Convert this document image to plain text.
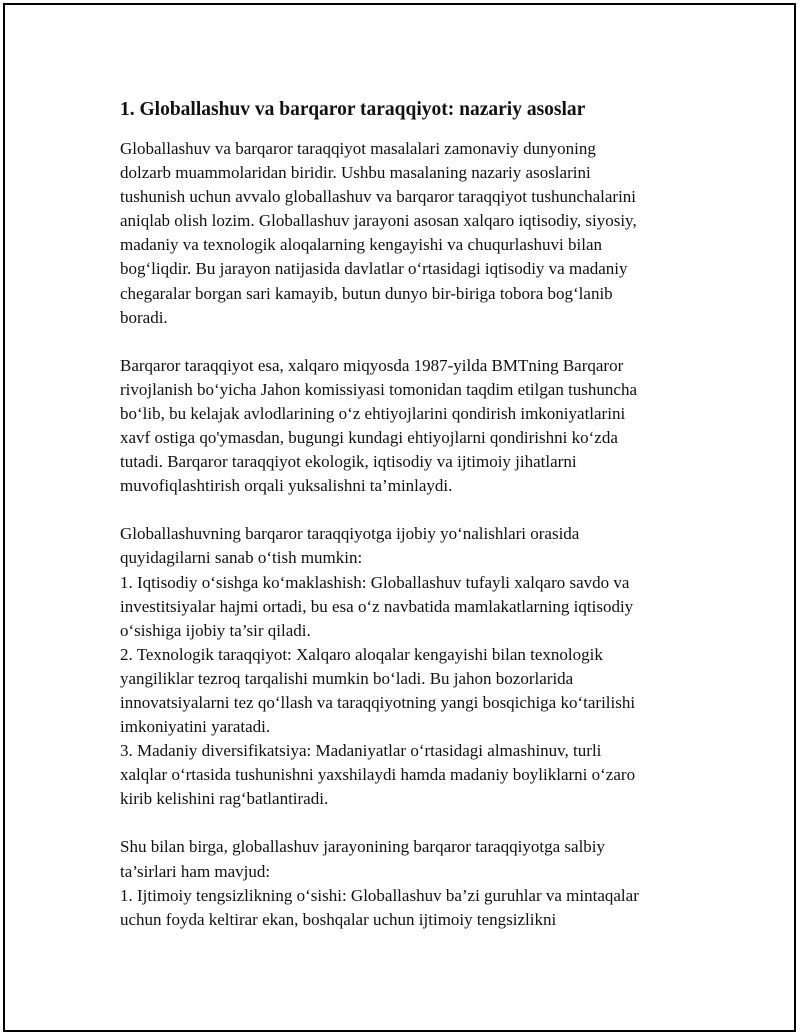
1. Globallashuv va barqaror taraqqiyot: nazariy asoslar

Globallashuv va barqaror taraqqiyot masalalari zamonaviy dunyoning
dolzarb muammolaridan biridir. Ushbu masalaning nazariy asoslarini
tushunish uchun avvalo globallashuv va barqaror taraqqiyot tushunchalarini
aniqlab olish lozim. Globallashuv jarayoni asosan xalqaro iqtisodiy, siyosiy,
madaniy va texnologik aloqalarning kengayishi va chuqurlashuvi bilan
bog‘liqdir. Bu jarayon natijasida davlatlar o‘rtasidagi iqtisodiy va madaniy
chegaralar borgan sari kamayib, butun dunyo bir-biriga tobora bog‘lanib
boradi.

Barqaror taraqqiyot esa, xalqaro miqyosda 1987-yilda BMTning Barqaror
rivojlanish bo‘yicha Jahon komissiyasi tomonidan taqdim etilgan tushuncha
bo‘lib, bu kelajak avlodlarining o‘z ehtiyojlarini qondirish imkoniyatlarini
xavf ostiga qo'ymasdan, bugungi kundagi ehtiyojlarni qondirishni ko‘zda
tutadi. Barqaror taraqqiyot ekologik, iqtisodiy va ijtimoiy jihatlarni
muvofiqlashtirish orqali yuksalishni ta’minlaydi.

Globallashuvning barqaror taraqqiyotga ijobiy yo‘nalishlari orasida
quyidagilarni sanab o‘tish mumkin:
1. Iqtisodiy o‘sishga ko‘maklashish: Globallashuv tufayli xalqaro savdo va
investitsiyalar hajmi ortadi, bu esa o‘z navbatida mamlakatlarning iqtisodiy
o‘sishiga ijobiy ta’sir qiladi.
2. Texnologik taraqqiyot: Xalqaro aloqalar kengayishi bilan texnologik
yangiliklar tezroq tarqalishi mumkin bo‘ladi. Bu jahon bozorlarida
innovatsiyalarni tez qo‘llash va taraqqiyotning yangi bosqichiga ko‘tarilishi
imkoniyatini yaratadi.
3. Madaniy diversifikatsiya: Madaniyatlar o‘rtasidagi almashinuv, turli
xalqlar o‘rtasida tushunishni yaxshilaydi hamda madaniy boyliklarni o‘zaro
kirib kelishini rag‘batlantiradi.

Shu bilan birga, globallashuv jarayonining barqaror taraqqiyotga salbiy
ta’sirlari ham mavjud:
1. Ijtimoiy tengsizlikning o‘sishi: Globallashuv ba’zi guruhlar va mintaqalar
uchun foyda keltirar ekan, boshqalar uchun ijtimoiy tengsizlikni
